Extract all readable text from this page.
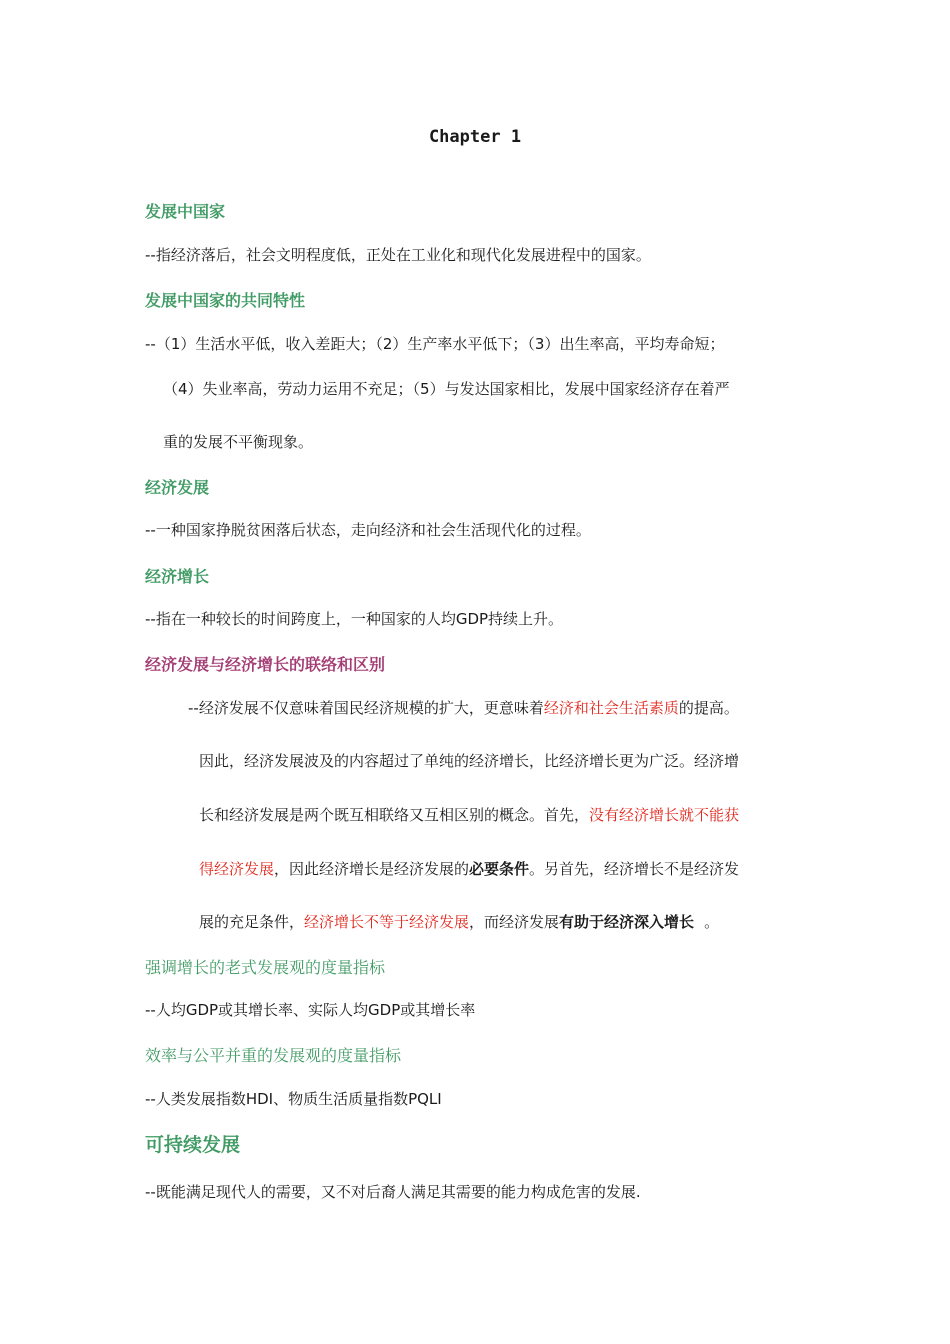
Chapter 1
发展中国家
--指经济落后，社会文明程度低，正处在工业化和现代化发展进程中的国家。
发展中国家的共同特性
--（1）生活水平低，收入差距大；（2）生产率水平低下；（3）出生率高，平均寿命短；
（4）失业率高，劳动力运用不充足；（5）与发达国家相比，发展中国家经济存在着严
重的发展不平衡现象。
经济发展
--一种国家挣脱贫困落后状态，走向经济和社会生活现代化的过程。
经济增长
--指在一种较长的时间跨度上，一种国家的人均GDP持续上升。
经济发展与经济增长的联络和区别
--经济发展不仅意味着国民经济规模的扩大，更意味着经济和社会生活素质的提高。
因此，经济发展波及的内容超过了单纯的经济增长，比经济增长更为广泛。经济增
长和经济发展是两个既互相联络又互相区别的概念。首先，没有经济增长就不能获
得经济发展，因此经济增长是经济发展的必要条件。另首先，经济增长不是经济发
展的充足条件，经济增长不等于经济发展，而经济发展有助于经济深入增长 。
强调增长的老式发展观的度量指标
--人均GDP或其增长率、实际人均GDP或其增长率
效率与公平并重的发展观的度量指标
--人类发展指数HDI、物质生活质量指数PQLI
可持续发展
--既能满足现代人的需要，又不对后裔人满足其需要的能力构成危害的发展.
